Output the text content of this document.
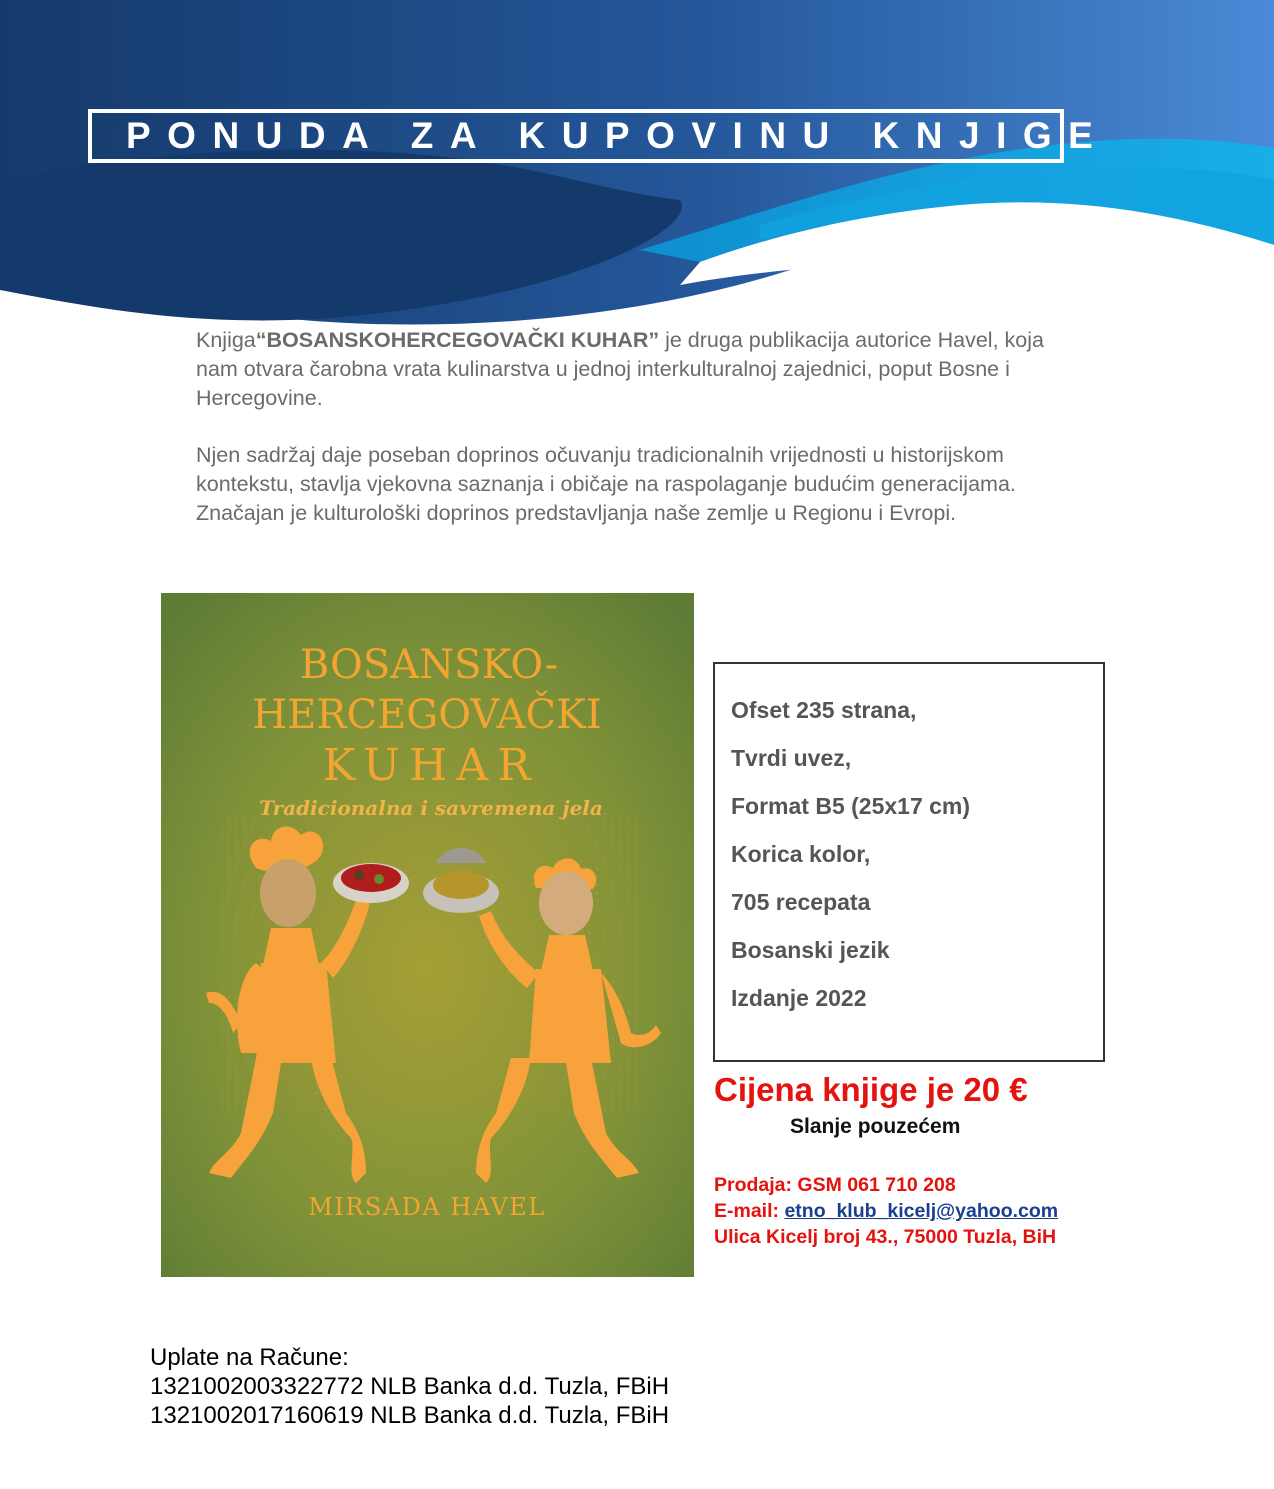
PONUDA ZA KUPOVINU KNJIGE

Knjiga“BOSANSKOHERCEGOVAČKI KUHAR” je druga publikacija autorice Havel, koja nam otvara čarobna vrata kulinarstva u jednoj interkulturalnoj zajednici, poput Bosne i Hercegovine.

Njen sadržaj daje poseban doprinos očuvanju tradicionalnih vrijednosti u historijskom kontekstu, stavlja vjekovna saznanja i običaje na raspolaganje budućim generacijama. Značajan je kulturološki doprinos predstavljanja naše zemlje u Regionu i Evropi.

BOSANSKO-
HERCEGOVAČKI
KUHAR
Tradicionalna i savremena jela
MIRSADA HAVEL
Ofset 235 strana,
Tvrdi uvez,
Format B5 (25x17 cm)
Korica kolor,
705 recepata
Bosanski jezik
Izdanje 2022
Cijena knjige je 20 €
Slanje pouzećem
Prodaja: GSM 061 710 208
E-mail: etno_klub_kicelj@yahoo.com
Ulica Kicelj broj 43., 75000 Tuzla, BiH
Uplate na Račune:
1321002003322772 NLB Banka d.d. Tuzla, FBiH
1321002017160619 NLB Banka d.d. Tuzla, FBiH
